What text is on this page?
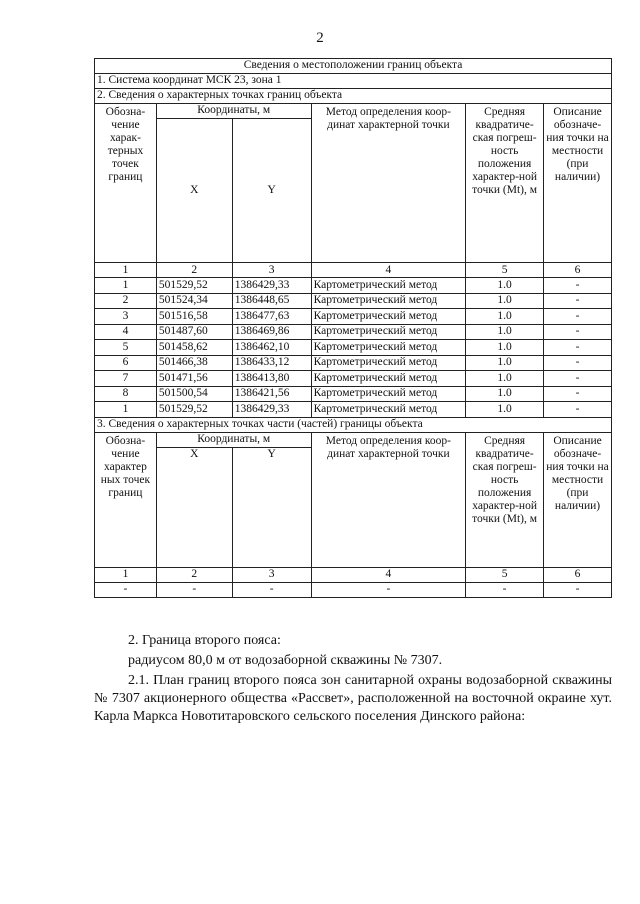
2
Сведения о местоположении границ объекта					
1. Система координат МСК 23, зона 1					
2. Сведения о характерных точках границ объекта					
Обозна-чение харак-терных точек границ	Координаты, м		Метод определения коор-динат характерной точки	Средняя квадратиче-ская погреш-ность положения характер-ной точки (Mt), м	Описание обозначе-ния точки на местности (при наличии)
	X	Y			
1	2	3	4	5	6
1	501529,52	1386429,33	Картометрический метод	1.0	-
2	501524,34	1386448,65	Картометрический метод	1.0	-
3	501516,58	1386477,63	Картометрический метод	1.0	-
4	501487,60	1386469,86	Картометрический метод	1.0	-
5	501458,62	1386462,10	Картометрический метод	1.0	-
6	501466,38	1386433,12	Картометрический метод	1.0	-
7	501471,56	1386413,80	Картометрический метод	1.0	-
8	501500,54	1386421,56	Картометрический метод	1.0	-
1	501529,52	1386429,33	Картометрический метод	1.0	-
3. Сведения о характерных точках части (частей) границы объекта					
Обозна-чение характер ных точек границ	Координаты, м		Метод определения коор-динат характерной точки	Средняя квадратиче-ская погреш-ность положения характер-ной точки (Mt), м	Описание обозначе-ния точки на местности (при наличии)
	X	Y			
1	2	3	4	5	6
-	-	-	-	-	-
2. Граница второго пояса:
радиусом 80,0 м от водозаборной скважины № 7307.
2.1. План границ второго пояса зон санитарной охраны водозаборной скважины № 7307 акционерного общества «Рассвет», расположенной на восточной окраине хут. Карла Маркса Новотитаровского сельского поселения Динского района:
